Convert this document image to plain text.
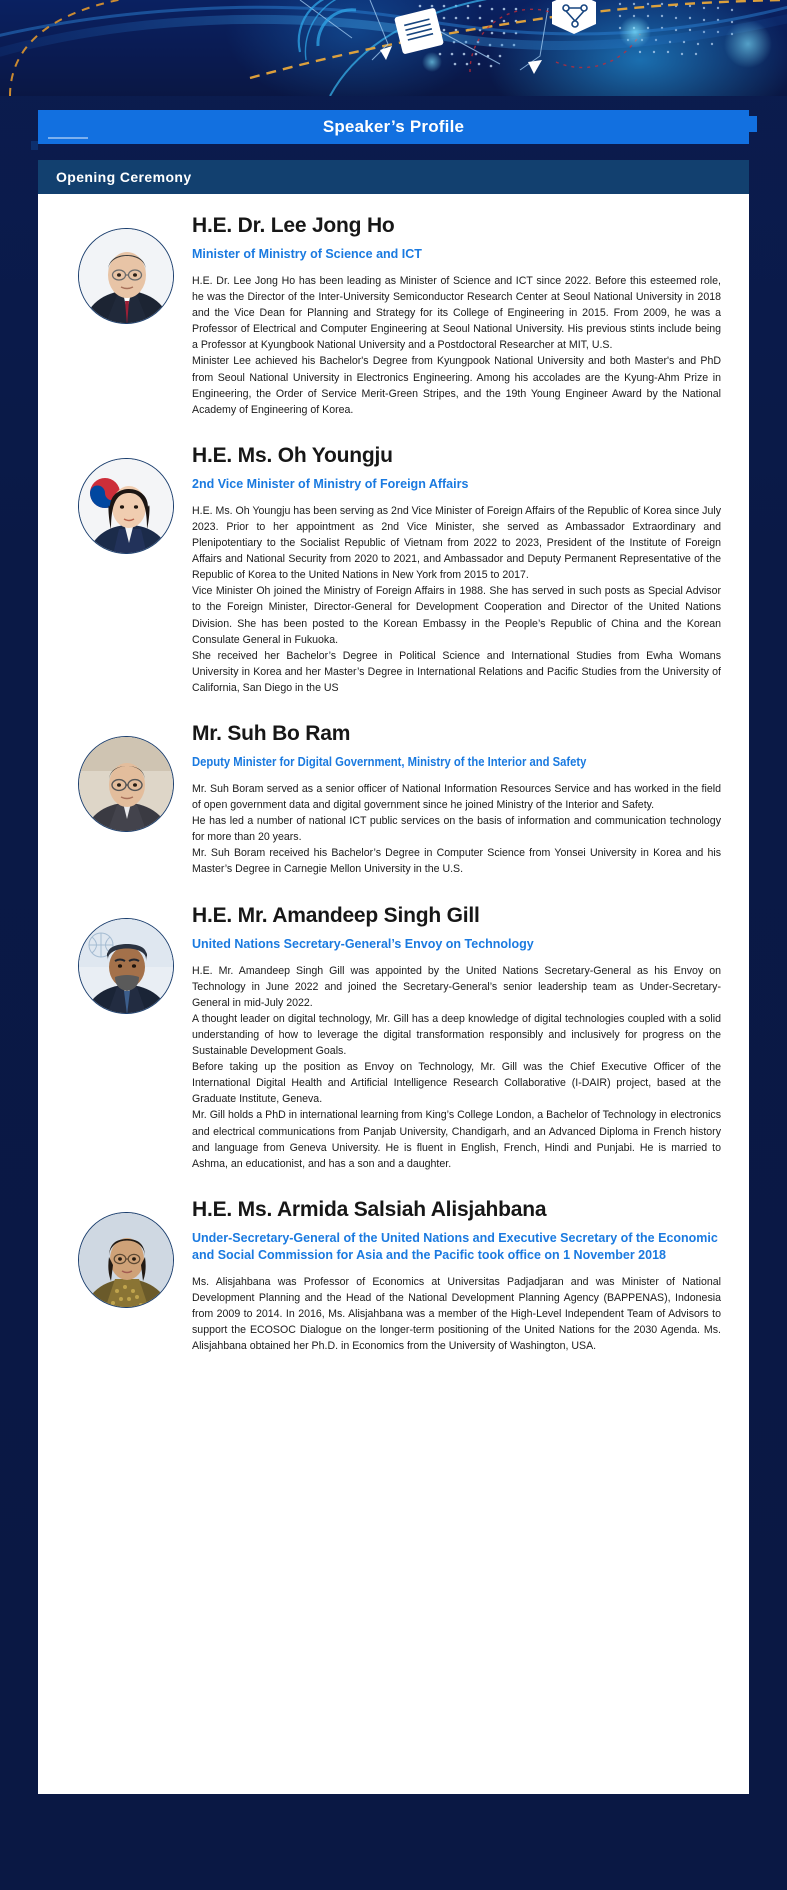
Speaker’s Profile
Opening Ceremony
H.E. Dr. Lee Jong Ho
Minister of Ministry of Science and ICT

H.E. Dr. Lee Jong Ho has been leading as Minister of Science and ICT since 2022. Before this esteemed role, he was the Director of the Inter-University Semiconductor Research Center at Seoul National University in 2018 and the Vice Dean for Planning and Strategy for its College of Engineering in 2015. From 2009, he was a Professor of Electrical and Computer Engineering at Seoul National University. His previous stints include being a Professor at Kyungbook National University and a Postdoctoral Researcher at MIT, U.S.

Minister Lee achieved his Bachelor's Degree from Kyungpook National University and both Master's and PhD from Seoul National University in Electronics Engineering. Among his accolades are the Kyung-Ahm Prize in Engineering, the Order of Service Merit-Green Stripes, and the 19th Young Engineer Award by the National Academy of Engineering of Korea.

H.E. Ms. Oh Youngju
2nd Vice Minister of Ministry of Foreign Affairs

H.E. Ms. Oh Youngju has been serving as 2nd Vice Minister of Foreign Affairs of the Republic of Korea since July 2023. Prior to her appointment as 2nd Vice Minister, she served as Ambassador Extraordinary and Plenipotentiary to the Socialist Republic of Vietnam from 2022 to 2023, President of the Institute of Foreign Affairs and National Security from 2020 to 2021, and Ambassador and Deputy Permanent Representative of the Republic of Korea to the United Nations in New York from 2015 to 2017.

Vice Minister Oh joined the Ministry of Foreign Affairs in 1988. She has served in such posts as Special Advisor to the Foreign Minister, Director-General for Development Cooperation and Director of the United Nations Division. She has been posted to the Korean Embassy in the People’s Republic of China and the Korean Consulate General in Fukuoka.

She received her Bachelor’s Degree in Political Science and International Studies from Ewha Womans University in Korea and her Master’s Degree in International Relations and Pacific Studies from the University of California, San Diego in the US

Mr. Suh Bo Ram
Deputy Minister for Digital Government, Ministry of the Interior and Safety

Mr. Suh Boram served as a senior officer of National Information Resources Service and has worked in the field of open government data and digital government since he joined Ministry of the Interior and Safety.

He has led a number of national ICT public services on the basis of information and communication technology for more than 20 years.

Mr. Suh Boram received his Bachelor’s Degree in Computer Science from Yonsei University in Korea and his Master’s Degree in Carnegie Mellon University in the U.S.

H.E. Mr. Amandeep Singh Gill
United Nations Secretary-General’s Envoy on Technology

H.E. Mr. Amandeep Singh Gill was appointed by the United Nations Secretary-General as his Envoy on Technology in June 2022 and joined the Secretary-General’s senior leadership team as Under-Secretary-General in mid-July 2022.

A thought leader on digital technology, Mr. Gill has a deep knowledge of digital technologies coupled with a solid understanding of how to leverage the digital transformation responsibly and inclusively for progress on the Sustainable Development Goals.

Before taking up the position as Envoy on Technology, Mr. Gill was the Chief Executive Officer of the International Digital Health and Artificial Intelligence Research Collaborative (I-DAIR) project, based at the Graduate Institute, Geneva.

Mr. Gill holds a PhD in international learning from King’s College London, a Bachelor of Technology in electronics and electrical communications from Panjab University, Chandigarh, and an Advanced Diploma in French history and language from Geneva University. He is fluent in English, French, Hindi and Punjabi. He is married to Ashma, an educationist, and has a son and a daughter.

H.E. Ms. Armida Salsiah Alisjahbana
Under-Secretary-General of the United Nations and Executive Secretary of the Economic and Social Commission for Asia and the Pacific took office on 1 November 2018

Ms. Alisjahbana was Professor of Economics at Universitas Padjadjaran and was Minister of National Development Planning and the Head of the National Development Planning Agency (BAPPENAS), Indonesia from 2009 to 2014. In 2016, Ms. Alisjahbana was a member of the High-Level Independent Team of Advisors to support the ECOSOC Dialogue on the longer-term positioning of the United Nations for the 2030 Agenda. Ms. Alisjahbana obtained her Ph.D. in Economics from the University of Washington, USA.
